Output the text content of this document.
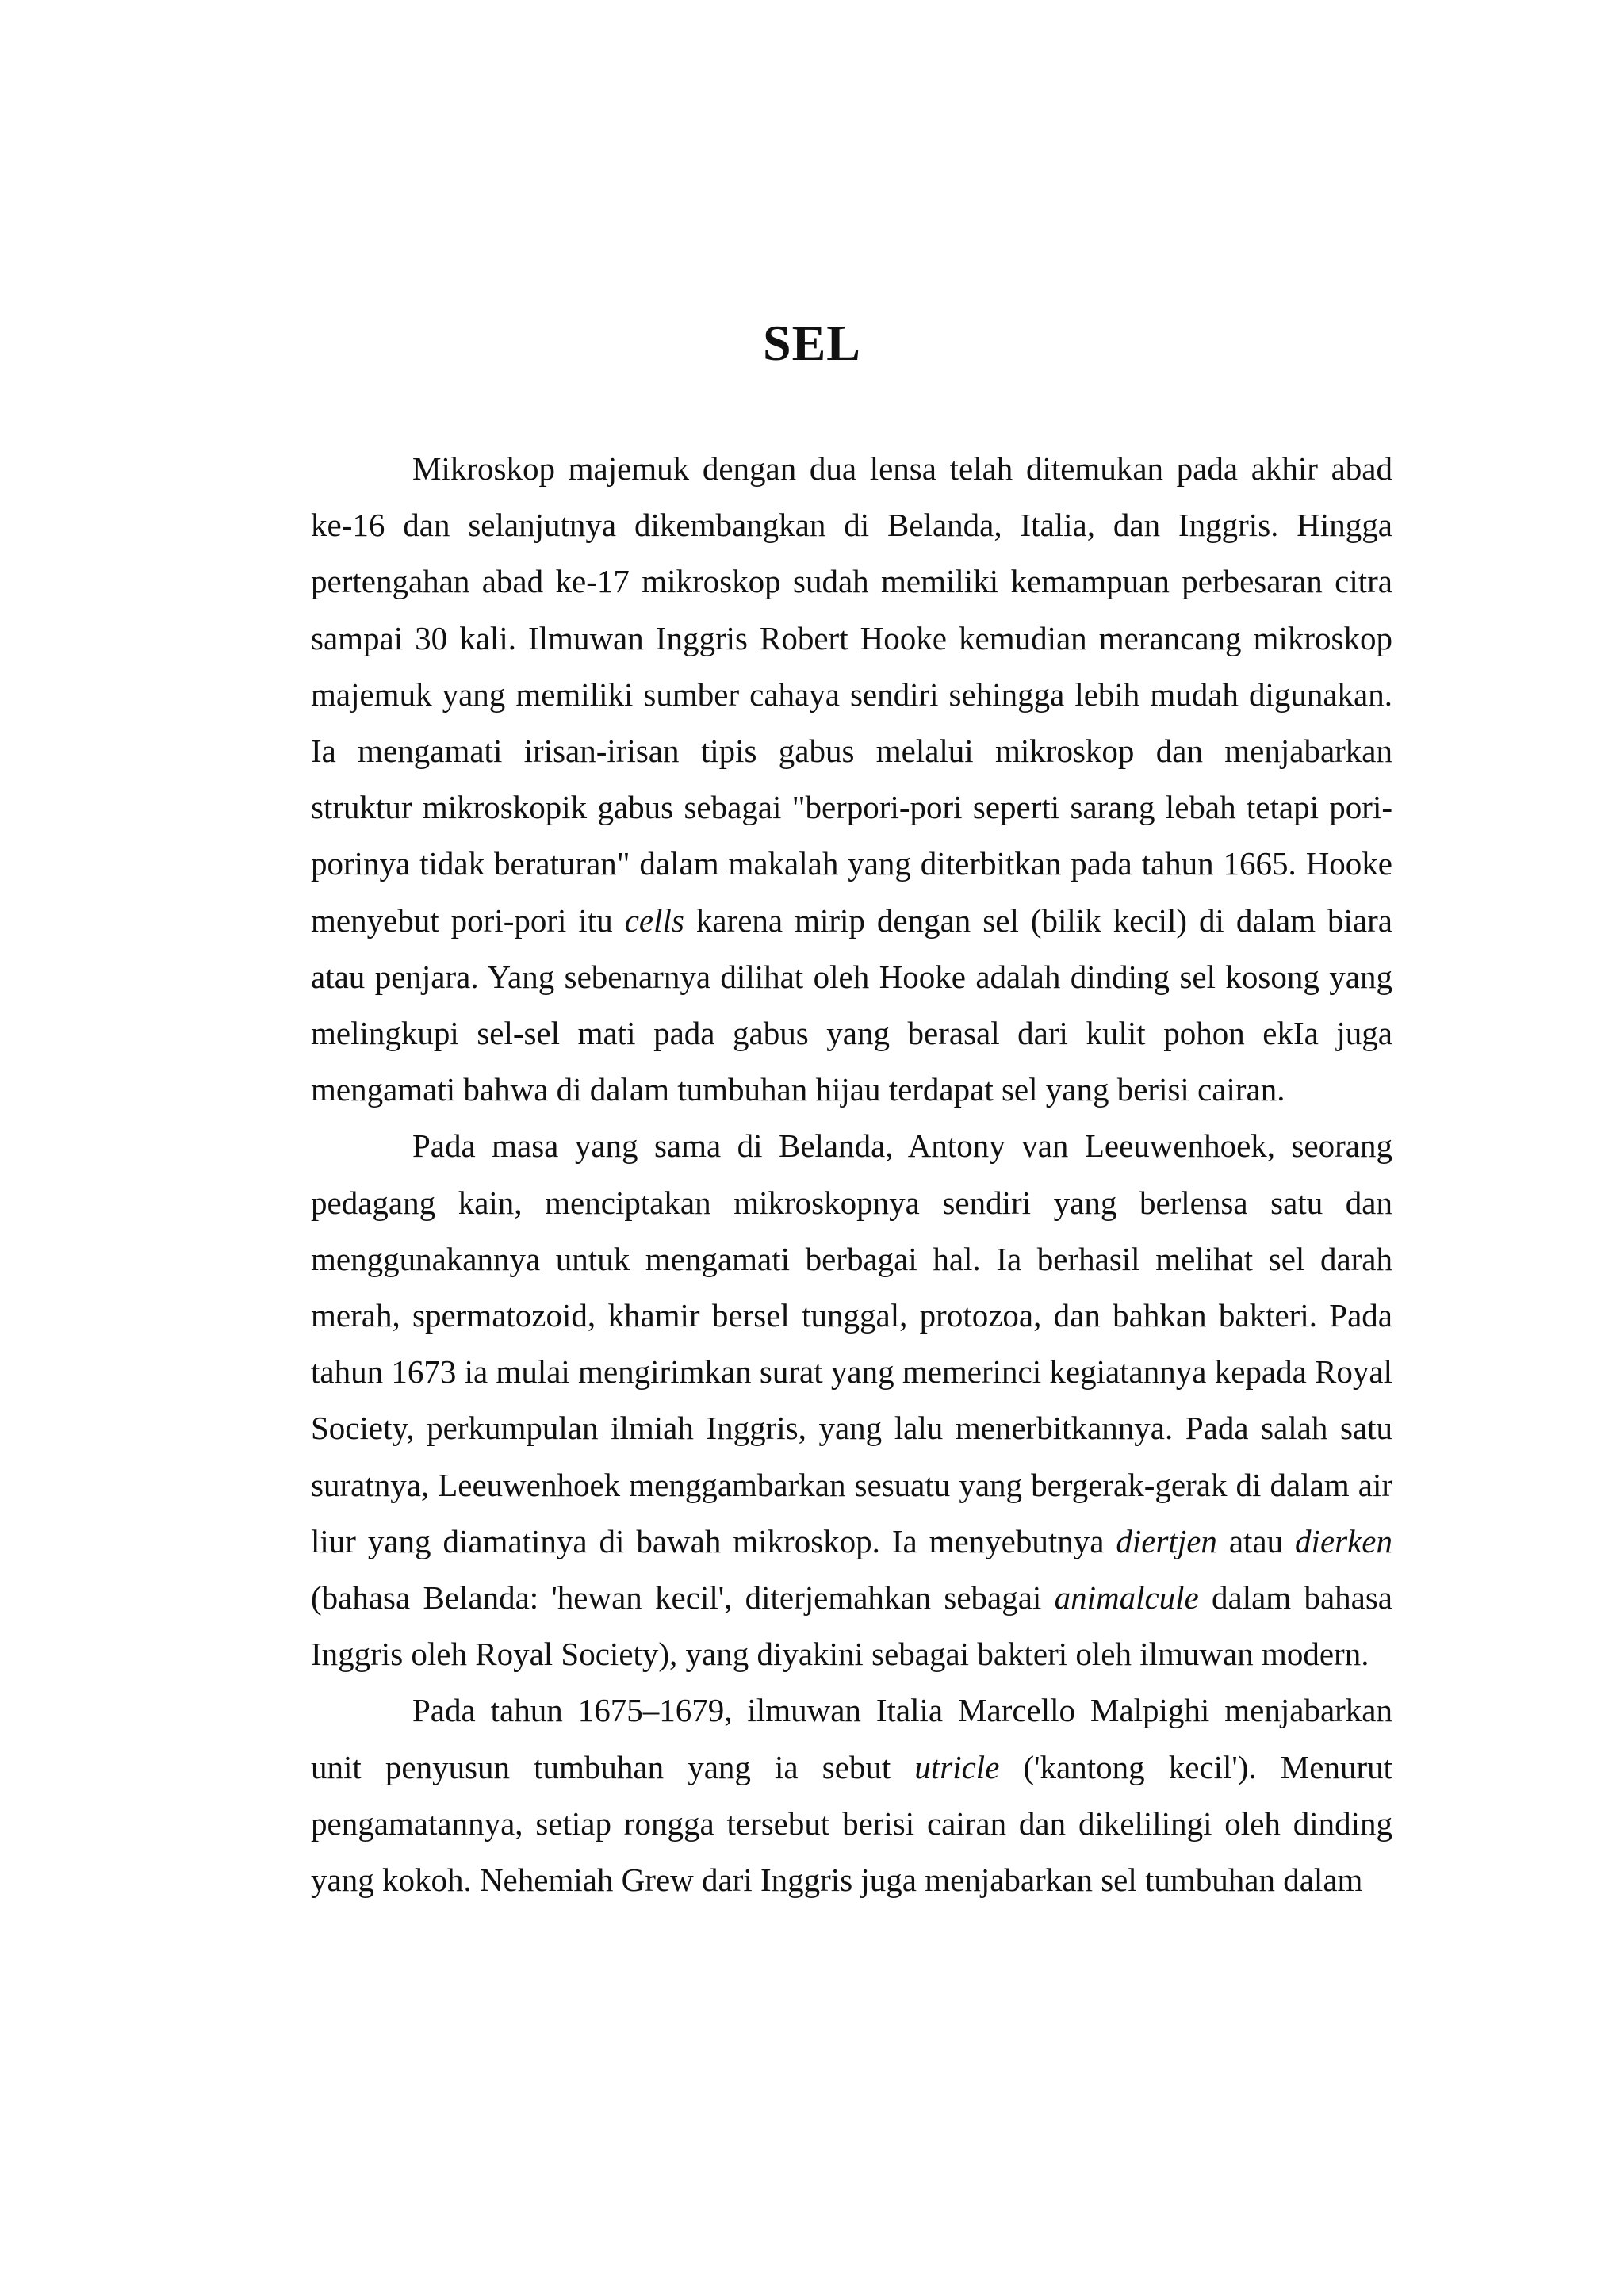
SEL

Mikroskop majemuk dengan dua lensa telah ditemukan pada akhir abad ke-16 dan selanjutnya dikembangkan di Belanda, Italia, dan Inggris. Hingga pertengahan abad ke-17 mikroskop sudah memiliki kemampuan perbesaran citra sampai 30 kali. Ilmuwan Inggris Robert Hooke kemudian merancang mikroskop majemuk yang memiliki sumber cahaya sendiri sehingga lebih mudah digunakan. Ia mengamati irisan-irisan tipis gabus melalui mikroskop dan menjabarkan struktur mikroskopik gabus sebagai "berpori-pori seperti sarang lebah tetapi pori-porinya tidak beraturan" dalam makalah yang diterbitkan pada tahun 1665. Hooke menyebut pori-pori itu cells karena mirip dengan sel (bilik kecil) di dalam biara atau penjara. Yang sebenarnya dilihat oleh Hooke adalah dinding sel kosong yang melingkupi sel-sel mati pada gabus yang berasal dari kulit pohon ekIa juga mengamati bahwa di dalam tumbuhan hijau terdapat sel yang berisi cairan.

Pada masa yang sama di Belanda, Antony van Leeuwenhoek, seorang pedagang kain, menciptakan mikroskopnya sendiri yang berlensa satu dan menggunakannya untuk mengamati berbagai hal. Ia berhasil melihat sel darah merah, spermatozoid, khamir bersel tunggal, protozoa, dan bahkan bakteri. Pada tahun 1673 ia mulai mengirimkan surat yang memerinci kegiatannya kepada Royal Society, perkumpulan ilmiah Inggris, yang lalu menerbitkannya. Pada salah satu suratnya, Leeuwenhoek menggambarkan sesuatu yang bergerak-gerak di dalam air liur yang diamatinya di bawah mikroskop. Ia menyebutnya diertjen atau dierken (bahasa Belanda: 'hewan kecil', diterjemahkan sebagai animalcule dalam bahasa Inggris oleh Royal Society), yang diyakini sebagai bakteri oleh ilmuwan modern.

Pada tahun 1675–1679, ilmuwan Italia Marcello Malpighi menjabarkan unit penyusun tumbuhan yang ia sebut utricle ('kantong kecil'). Menurut pengamatannya, setiap rongga tersebut berisi cairan dan dikelilingi oleh dinding yang kokoh. Nehemiah Grew dari Inggris juga menjabarkan sel tumbuhan dalam
